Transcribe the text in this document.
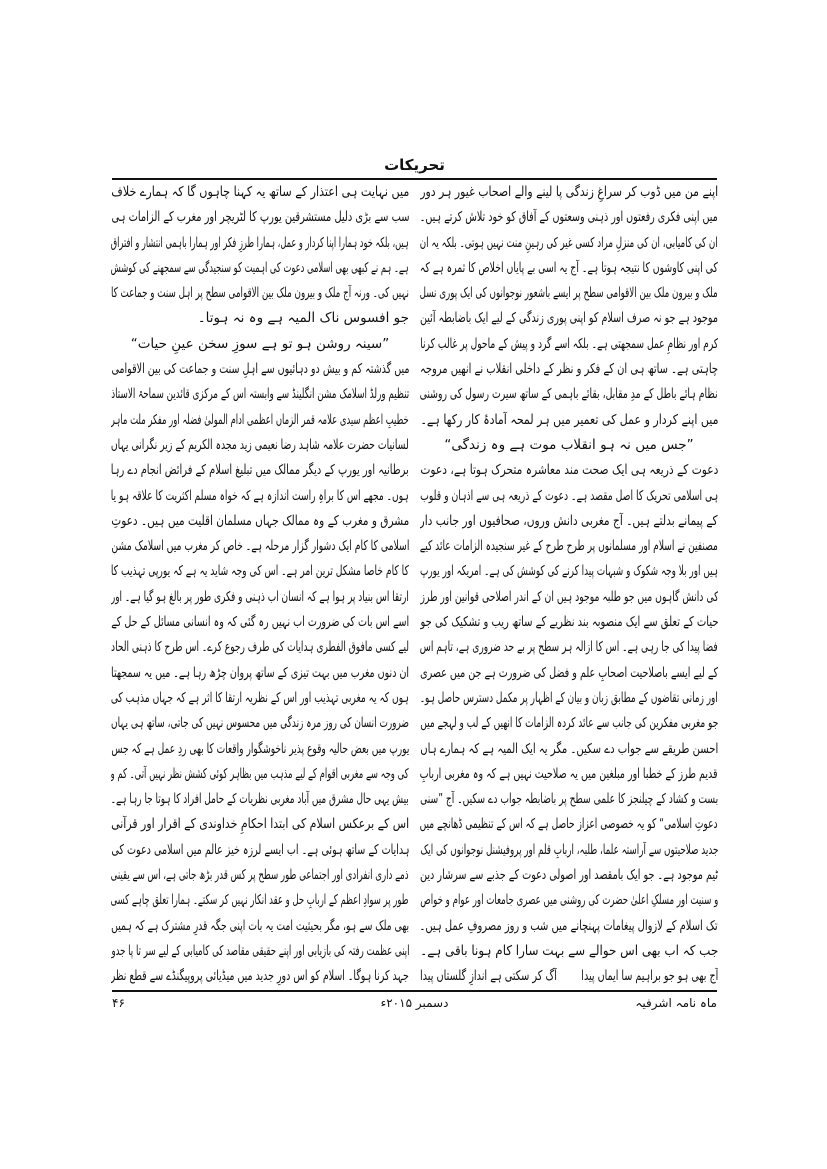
تحریکات
اپنے من میں ڈوب کر سراغِ زندگی پا لینے والے اصحاب غیور ہر دور
میں اپنی فکری رفعتوں اور ذہنی وسعتوں کے آفاق کو خود تلاش کرتے ہیں۔
ان کی کامیابی، ان کی منزلِ مراد کسی غیر کی رہینِ منت نہیں ہوتی۔ بلکہ یہ ان
کی اپنی کاوشوں کا نتیجہ ہوتا ہے۔ آج یہ اسی بے پایاں اخلاص کا ثمرہ ہے کہ
ملک و بیرون ملک بین الاقوامی سطح پر ایسے باشعور نوجوانوں کی ایک پوری نسل
موجود ہے جو نہ صرف اسلام کو اپنی پوری زندگی کے لیے ایک باضابطہ آئین
کرم اور نظامِ عمل سمجھتی ہے۔ بلکہ اسے گرد و پیش کے ماحول پر غالب کرنا
چاہتی ہے۔ ساتھ ہی ان کے فکر و نظر کے داخلی انقلاب نے انھیں مروجہ
نظام ہائے باطل کے مدِ مقابل، بقائے باہمی کے ساتھ سیرت رسول کی روشنی
میں اپنے کردار و عمل کی تعمیر میں ہر لمحہ آمادۂ کار رکھا ہے۔
”جس میں نہ ہو انقلاب موت ہے وہ زندگی“
دعوت کے ذریعہ ہی ایک صحت مند معاشرہ متحرک ہوتا ہے، دعوت
ہی اسلامی تحریک کا اصل مقصد ہے۔ دعوت کے ذریعہ ہی سے اذہان و قلوب
کے پیمانے بدلتے ہیں۔ آج مغربی دانش وروں، صحافیوں اور جانب دار
مصنفین نے اسلام اور مسلمانوں پر طرح طرح کے غیر سنجیدہ الزامات عائد کیے
ہیں اور بلا وجہ شکوک و شبہات پیدا کرنے کی کوشش کی ہے۔ امریکہ اور یورپ
کی دانش گاہوں میں جو طلبہ موجود ہیں ان کے اندر اصلاحی قوانین اور طرز
حیات کے تعلق سے ایک منصوبہ بند نظریے کے ساتھ ریب و تشکیک کی جو
فضا پیدا کی جا رہی ہے۔ اس کا ازالہ ہر سطح پر بے حد ضروری ہے، تاہم اس
کے لیے ایسے باصلاحیت اصحابِ علم و فضل کی ضرورت ہے جن میں عصری
اور زمانی تقاضوں کے مطابق زبان و بیان کے اظہار پر مکمل دسترس حاصل ہو۔
جو مغربی مفکرین کی جانب سے عائد کردہ الزامات کا انھیں کے لب و لہجے میں
احسن طریقے سے جواب دے سکیں۔ مگر یہ ایک المیہ ہے کہ ہمارے ہاں
قدیم طرز کے خطبا اور مبلغین میں یہ صلاحیت نہیں ہے کہ وہ مغربی اربابِ
بست و کشاد کے چیلنجز کا علمی سطح پر باضابطہ جواب دے سکیں۔ آج ”سنی
دعوتِ اسلامی“ کو یہ خصوصی اعزاز حاصل ہے کہ اس کے تنظیمی ڈھانچے میں
جدید صلاحیتوں سے آراستہ علما، طلبہ، اربابِ قلم اور پروفیشنل نوجوانوں کی ایک
ٹیم موجود ہے۔ جو ایک بامقصد اور اصولی دعوت کے جذبے سے سرشار دین
و سنیت اور مسلکِ اعلیٰ حضرت کی روشنی میں عصری جامعات اور عوام و خواص
تک اسلام کے لازوال پیغامات پہنچانے میں شب و روز مصروفِ عمل ہیں۔
جب کہ اب بھی اس حوالے سے بہت سارا کام ہونا باقی ہے۔
آج بھی ہو جو براہیم سا ایماں پیدا
آگ کر سکتی ہے اندازِ گلستاں پیدا
میں نہایت ہی اعتذار کے ساتھ یہ کہنا چاہوں گا کہ ہمارے خلاف
سب سے بڑی دلیل مستشرقین یورپ کا لٹریچر اور مغرب کے الزامات ہی
ہیں، بلکہ خود ہمارا اپنا کردار و عمل، ہمارا طرزِ فکر اور ہمارا باہمی انتشار و افتراق
ہے۔ ہم نے کبھی بھی اسلامی دعوت کی اہمیت کو سنجیدگی سے سمجھنے کی کوشش
نہیں کی۔ ورنہ آج ملک و بیرون ملک بین الاقوامی سطح پر اہل سنت و جماعت کا
جو افسوس ناک المیہ ہے وہ نہ ہوتا۔
”سینہ روشن ہو تو ہے سوزِ سخن عینِ حیات“
میں گذشتہ کم و بیش دو دہائیوں سے اہلِ سنت و جماعت کی بین الاقوامی
تنظیم ورلڈ اسلامک مشن انگلینڈ سے وابستہ اس کے مرکزی قائدین سماحۃ الاستاذ
خطیبِ اعظم سیدی علامہ قمر الزماں اعظمی ادام المولیٰ فضلہ اور مفکر ملت ماہر
لسانیات حضرت علامہ شاہد رضا نعیمی زید مجدہ الکریم کے زیر نگرانی یہاں
برطانیہ اور یورپ کے دیگر ممالک میں تبلیغ اسلام کے فرائض انجام دے رہا
ہوں۔ مجھے اس کا براہِ راست اندازہ ہے کہ خواہ مسلم اکثریت کا علاقہ ہو یا
مشرق و مغرب کے وہ ممالک جہاں مسلمان اقلیت میں ہیں۔ دعوتِ
اسلامی کا کام ایک دشوار گزار مرحلہ ہے۔ خاص کر مغرب میں اسلامک مشن
کا کام خاصا مشکل ترین امر ہے۔ اس کی وجہ شاید یہ ہے کہ یورپی تہذیب کا
ارتقا اس بنیاد پر ہوا ہے کہ انسان اب ذہنی و فکری طور پر بالغ ہو گیا ہے۔ اور
اسے اس بات کی ضرورت اب نہیں رہ گئی کہ وہ انسانی مسائل کے حل کے
لیے کسی مافوق الفطری ہدایات کی طرف رجوع کرے۔ اس طرح کا ذہنی الحاد
ان دنوں مغرب میں بہت تیزی کے ساتھ پروان چڑھ رہا ہے۔ میں یہ سمجھتا
ہوں کہ یہ مغربی تہذیب اور اس کے نظریہ ارتقا کا اثر ہے کہ جہاں مذہب کی
ضرورت انسان کی روز مرہ زندگی میں محسوس نہیں کی جاتی، ساتھ ہی یہاں
یورپ میں بعض حالیہ وقوع پذیر ناخوشگوار واقعات کا بھی ردِ عمل ہے کہ جس
کی وجہ سے مغربی اقوام کے لیے مذہب میں بظاہر کوئی کشش نظر نہیں آتی۔ کم و
بیش یہی حال مشرق میں آباد مغربی نظریات کے حامل افراد کا ہوتا جا رہا ہے۔
اس کے برعکس اسلام کی ابتدا احکامِ خداوندی کے اقرار اور قرآنی
ہدایات کے ساتھ ہوئی ہے۔ اب ایسے لرزہ خیز عالم میں اسلامی دعوت کی
ذمے داری انفرادی اور اجتماعی طور سطح پر کس قدر بڑھ جاتی ہے، اس سے یقینی
طور پر سوادِ اعظم کے اربابِ حل و عقد انکار نہیں کر سکتے۔ ہمارا تعلق چاہے کسی
بھی ملک سے ہو، مگر بحیثیت امت یہ بات اپنی جگہ قدرِ مشترک ہے کہ ہمیں
اپنی عظمت رفتہ کی بازیابی اور اپنے حقیقی مقاصد کی کامیابی کے لیے سر تا پا جدو
جہد کرنا ہوگا۔ اسلام کو اس دورِ جدید میں میڈیائی پروپیگنڈے سے قطع نظر
ماہ نامہ اشرفیہ
دسمبر ۲۰۱۵ء
۴۶
